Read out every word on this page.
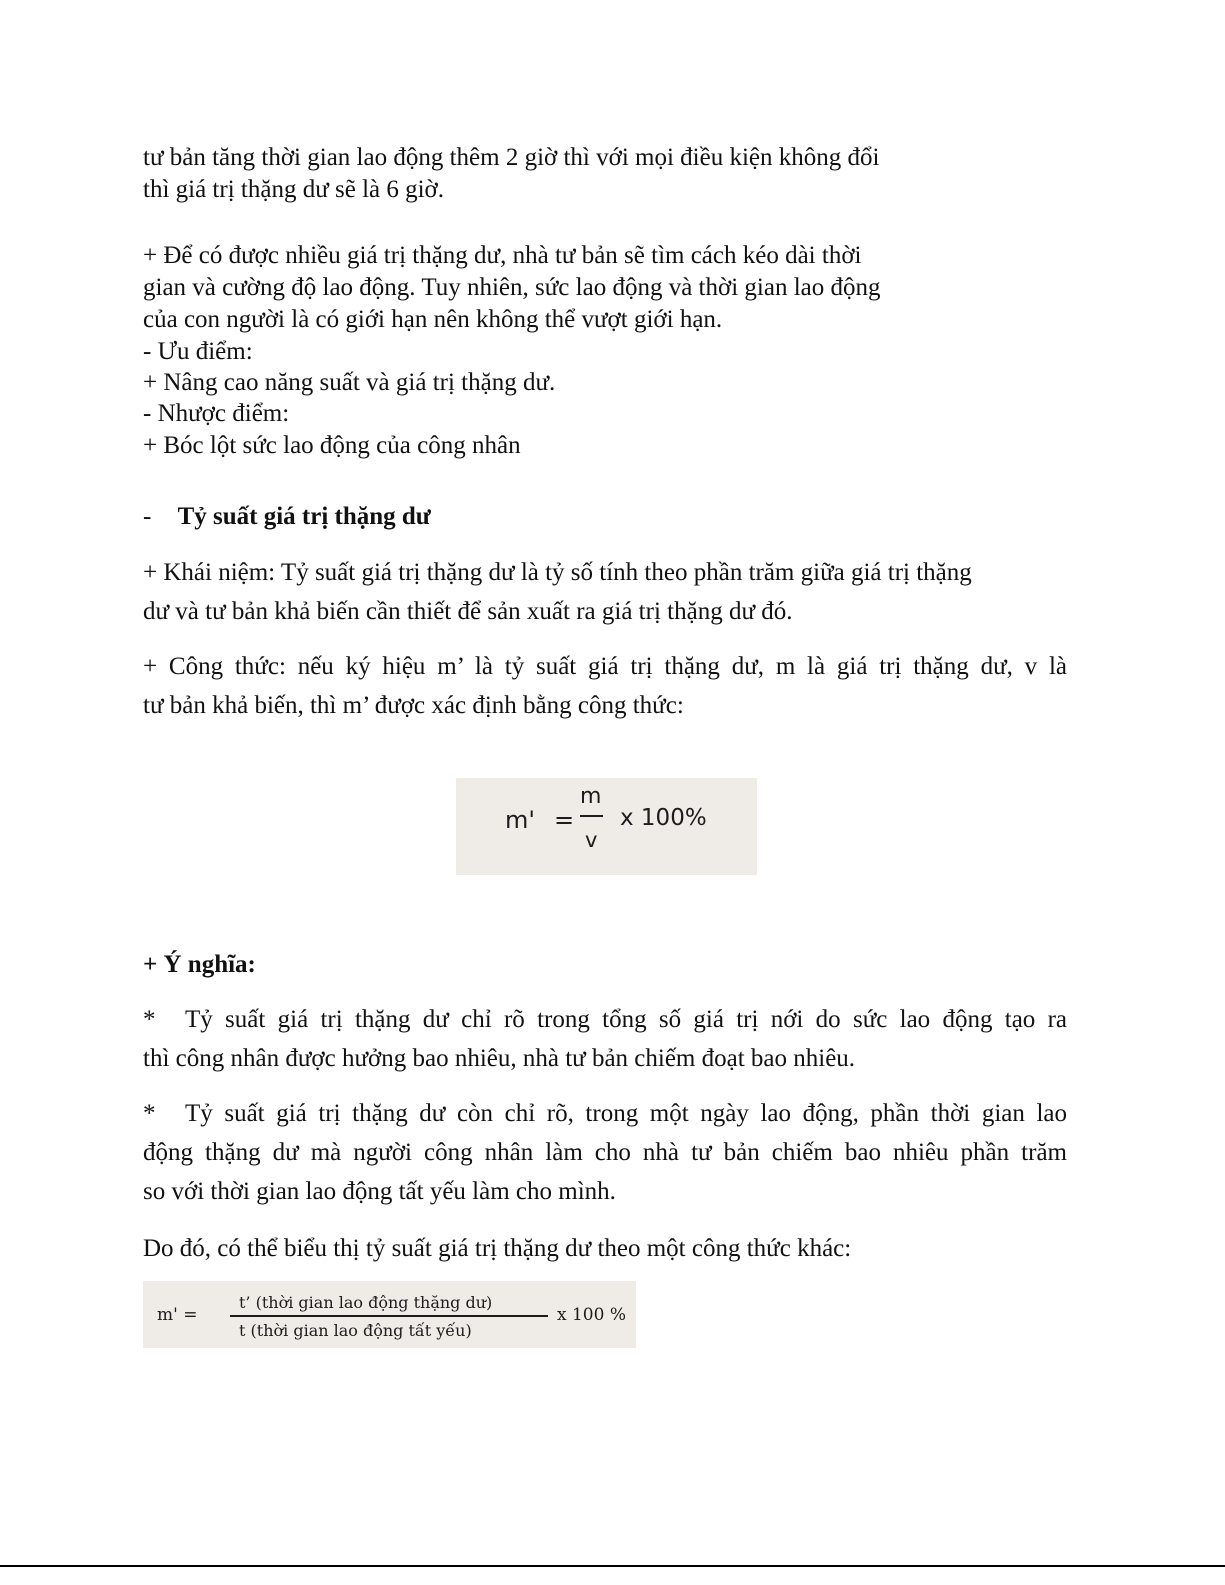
tư bản tăng thời gian lao động thêm 2 giờ thì với mọi điều kiện không đổi
thì giá trị thặng dư sẽ là 6 giờ.
+ Để có được nhiều giá trị thặng dư, nhà tư bản sẽ tìm cách kéo dài thời
gian và cường độ lao động. Tuy nhiên, sức lao động và thời gian lao động
của con người là có giới hạn nên không thể vượt giới hạn.
- Ưu điểm:
+ Nâng cao năng suất và giá trị thặng dư.
- Nhược điểm:
+ Bóc lột sức lao động của công nhân
- Tỷ suất giá trị thặng dư
+ Khái niệm: Tỷ suất giá trị thặng dư là tỷ số tính theo phần trăm giữa giá trị thặng
dư và tư bản khả biến cần thiết để sản xuất ra giá trị thặng dư đó.
+ Công thức: nếu ký hiệu m’ là tỷ suất giá trị thặng dư, m là giá trị thặng dư, v là
tư bản khả biến, thì m’ được xác định bằng công thức:
m' =
m
v
x 100%
+ Ý nghĩa:
* Tỷ suất giá trị thặng dư chỉ rõ trong tổng số giá trị nới do sức lao động tạo ra
thì công nhân được hưởng bao nhiêu, nhà tư bản chiếm đoạt bao nhiêu.
* Tỷ suất giá trị thặng dư còn chỉ rõ, trong một ngày lao động, phần thời gian lao
động thặng dư mà người công nhân làm cho nhà tư bản chiếm bao nhiêu phần trăm
so với thời gian lao động tất yếu làm cho mình.
Do đó, có thể biểu thị tỷ suất giá trị thặng dư theo một công thức khác:
m' =
t’ (thời gian lao động thặng dư)
t (thời gian lao động tất yếu)
x 100 %
